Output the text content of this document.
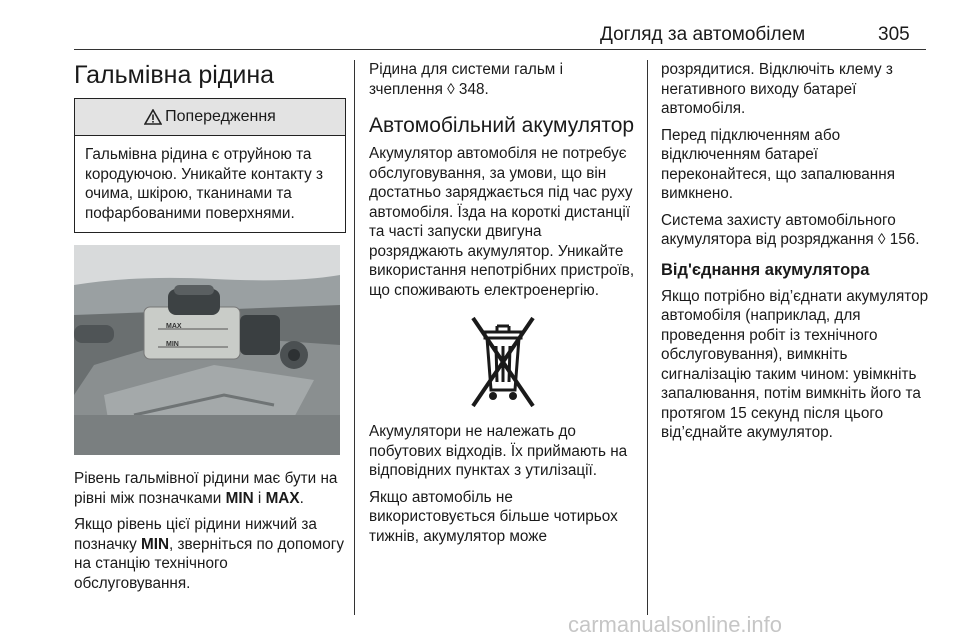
Догляд за автомобілем	305
Гальмівна рідина
Попередження
Гальмівна рідина є отруйною та кородуючою. Уникайте контакту з очима, шкірою, тканинами та пофарбованими поверхнями.
MAX
MIN

Рівень гальмівної рідини має бути на рівні між позначками MIN і MAX.

Якщо рівень цієї рідини нижчий за позначку MIN, зверніться по допомогу на станцію технічного обслуговування.

Рідина для системи гальм і зчеплення ◊ 348.

Автомобільний акумулятор

Акумулятор автомобіля не потребує обслуговування, за умови, що він достатньо заряджається під час руху автомобіля. Їзда на короткі дистанції та часті запуски двигуна розряджають акумулятор. Уникайте використання непотрібних пристроїв, що споживають електроенергію.

Акумулятори не належать до побутових відходів. Їх приймають на відповідних пунктах з утилізації.

Якщо автомобіль не використовується більше чотирьох тижнів, акумулятор може

розрядитися. Відключіть клему з негативного виходу батареї автомобіля.

Перед підключенням або відключенням батареї переконайтеся, що запалювання вимкнено.

Система захисту автомобільного акумулятора від розряджання ◊ 156.

Від'єднання акумулятора

Якщо потрібно від’єднати акумулятор автомобіля (наприклад, для проведення робіт із технічного обслуговування), вимкніть сигналізацію таким чином: увімкніть запалювання, потім вимкніть його та протягом 15 секунд після цього від’єднайте акумулятор.

carmanualsonline.info
